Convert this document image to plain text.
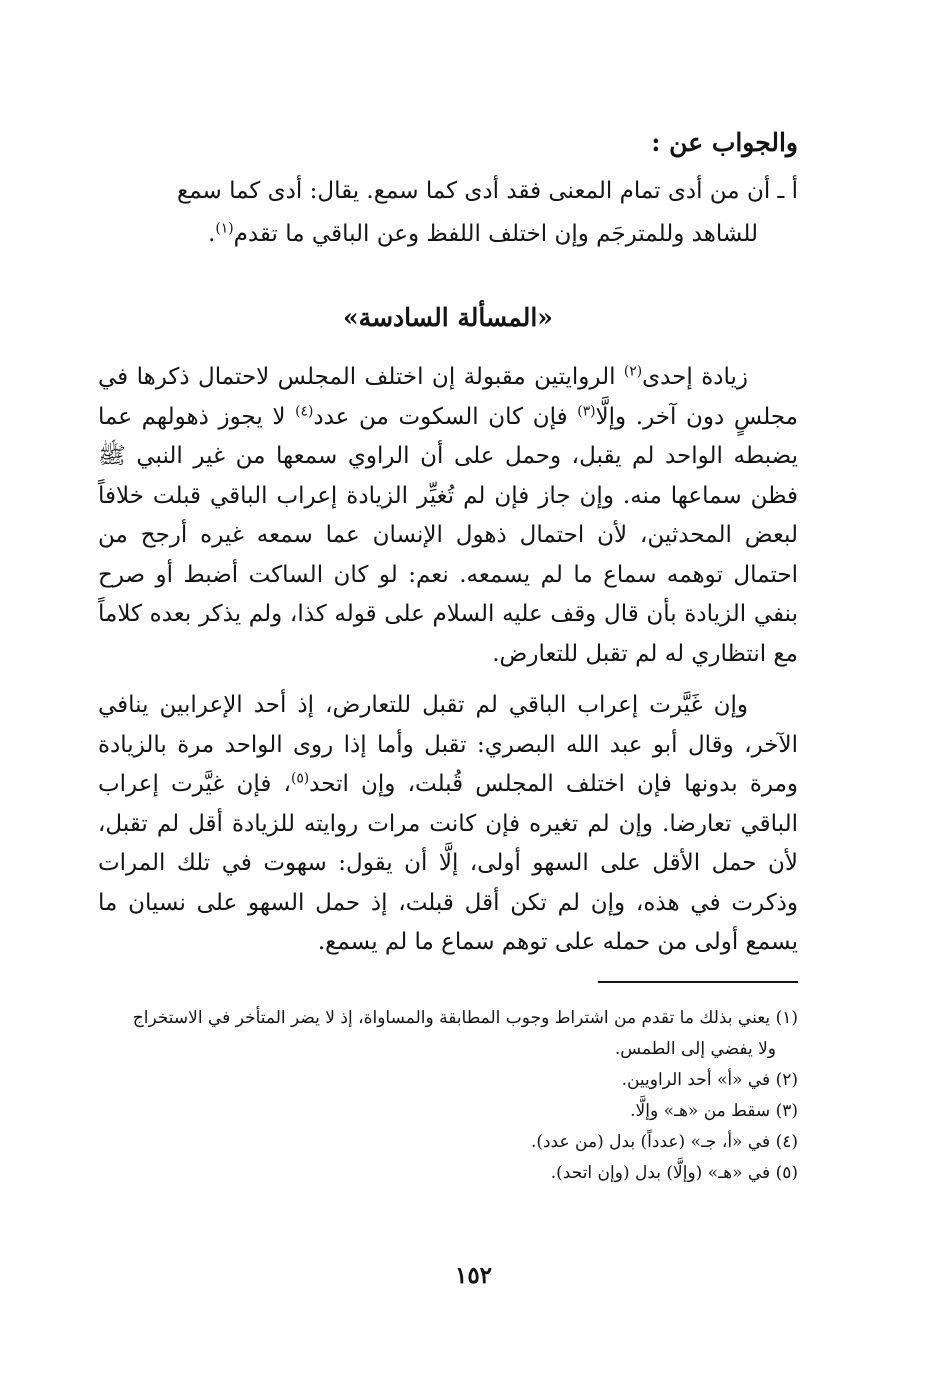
والجواب عن :

أ ـ أن من أدى تمام المعنى فقد أدى كما سمع. يقال: أدى كما سمع
للشاهد وللمترجَم وإن اختلف اللفظ وعن الباقي ما تقدم$^{(١)}$.

«المسألة السادسة»

زيادة إحدى$^{(٢)}$ الروايتين مقبولة إن اختلف المجلس لاحتمال ذكرها في مجلسٍ دون آخر. وإلَّا$^{(٣)}$ فإن كان السكوت من عدد$^{(٤)}$ لا يجوز ذهولهم عما يضبطه الواحد لم يقبل، وحمل على أن الراوي سمعها من غير النبي ﷺ فظن سماعها منه. وإن جاز فإن لم تُغيِّر الزيادة إعراب الباقي قبلت خلافاً لبعض المحدثين، لأن احتمال ذهول الإنسان عما سمعه غيره أرجح من احتمال توهمه سماع ما لم يسمعه. نعم: لو كان الساكت أضبط أو صرح بنفي الزيادة بأن قال وقف عليه السلام على قوله كذا، ولم يذكر بعده كلاماً مع انتظاري له لم تقبل للتعارض.

وإن غَيَّرت إعراب الباقي لم تقبل للتعارض، إذ أحد الإعرابين ينافي الآخر، وقال أبو عبد الله البصري: تقبل وأما إذا روى الواحد مرة بالزيادة ومرة بدونها فإن اختلف المجلس قُبلت، وإن اتحد$^{(٥)}$، فإن غيَّرت إعراب الباقي تعارضا. وإن لم تغيره فإن كانت مرات روايته للزيادة أقل لم تقبل، لأن حمل الأقل على السهو أولى، إلَّا أن يقول: سهوت في تلك المرات وذكرت في هذه، وإن لم تكن أقل قبلت، إذ حمل السهو على نسيان ما يسمع أولى من حمله على توهم سماع ما لم يسمع.

(١) يعني بذلك ما تقدم من اشتراط وجوب المطابقة والمساواة، إذ لا يضر المتأخر في الاستخراج
ولا يفضي إلى الطمس.

(٢) في «أ» أحد الراويين.

(٣) سقط من «هـ» وإلَّا.

(٤) في «أ، جـ» (عدداً) بدل (من عدد).

(٥) في «هـ» (وإلَّا) بدل (وإن اتحد).

١٥٢
